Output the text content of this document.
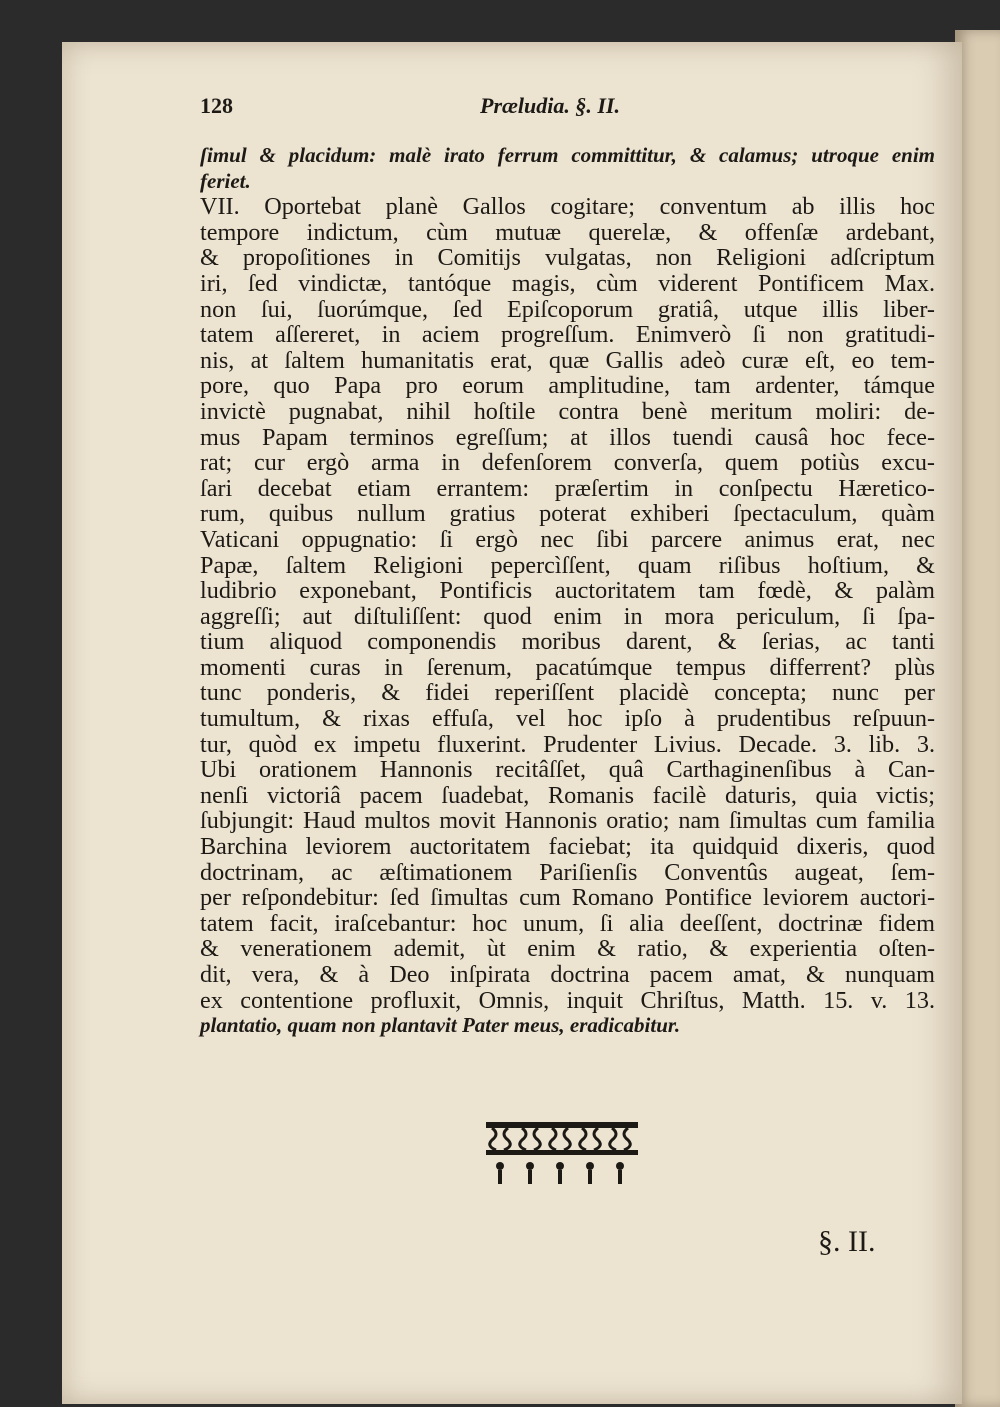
128	Præludia. §. II.
ſimul & placidum: malè irato ferrum committitur, & calamus; utroque enim
feriet.
VII. Oportebat planè Gallos cogitare; conventum ab illis hoc
tempore indictum, cùm mutuæ querelæ, & offenſæ ardebant,
& propoſitiones in Comitijs vulgatas, non Religioni adſcriptum
iri, ſed vindictæ, tantóque magis, cùm viderent Pontificem Max.
non ſui, ſuorúmque, ſed Epiſcoporum gratiâ, utque illis liber-
tatem aſſereret, in aciem progreſſum. Enimverò ſi non gratitudi-
nis, at ſaltem humanitatis erat, quæ Gallis adeò curæ eſt, eo tem-
pore, quo Papa pro eorum amplitudine, tam ardenter, támque
invictè pugnabat, nihil hoſtile contra benè meritum moliri: de-
mus Papam terminos egreſſum; at illos tuendi causâ hoc fece-
rat; cur ergò arma in defenſorem converſa, quem potiùs excu-
ſari decebat etiam errantem: præſertim in conſpectu Hæretico-
rum, quibus nullum gratius poterat exhiberi ſpectaculum, quàm
Vaticani oppugnatio: ſi ergò nec ſibi parcere animus erat, nec
Papæ, ſaltem Religioni pepercìſſent, quam riſibus hoſtium, &
ludibrio exponebant, Pontificis auctoritatem tam fœdè, & palàm
aggreſſi; aut diſtuliſſent: quod enim in mora periculum, ſi ſpa-
tium aliquod componendis moribus darent, & ſerias, ac tanti
momenti curas in ſerenum, pacatúmque tempus differrent? plùs
tunc ponderis, & fidei reperiſſent placidè concepta; nunc per
tumultum, & rixas effuſa, vel hoc ipſo à prudentibus reſpuun-
tur, quòd ex impetu fluxerint. Prudenter Livius. Decade. 3. lib. 3.
Ubi orationem Hannonis recitâſſet, quâ Carthaginenſibus à Can-
nenſi victoriâ pacem ſuadebat, Romanis facilè daturis, quia victis;
ſubjungit: Haud multos movit Hannonis oratio; nam ſimultas cum familia
Barchina leviorem auctoritatem faciebat; ita quidquid dixeris, quod
doctrinam, ac æſtimationem Pariſienſis Conventûs augeat, ſem-
per reſpondebitur: ſed ſimultas cum Romano Pontifice leviorem auctori-
tatem facit, iraſcebantur: hoc unum, ſi alia deeſſent, doctrinæ fidem
& venerationem ademit, ùt enim & ratio, & experientia oſten-
dit, vera, & à Deo inſpirata doctrina pacem amat, & nunquam
ex contentione profluxit, Omnis, inquit Chriſtus, Matth. 15. v. 13.
plantatio, quam non plantavit Pater meus, eradicabitur.
§. II.
